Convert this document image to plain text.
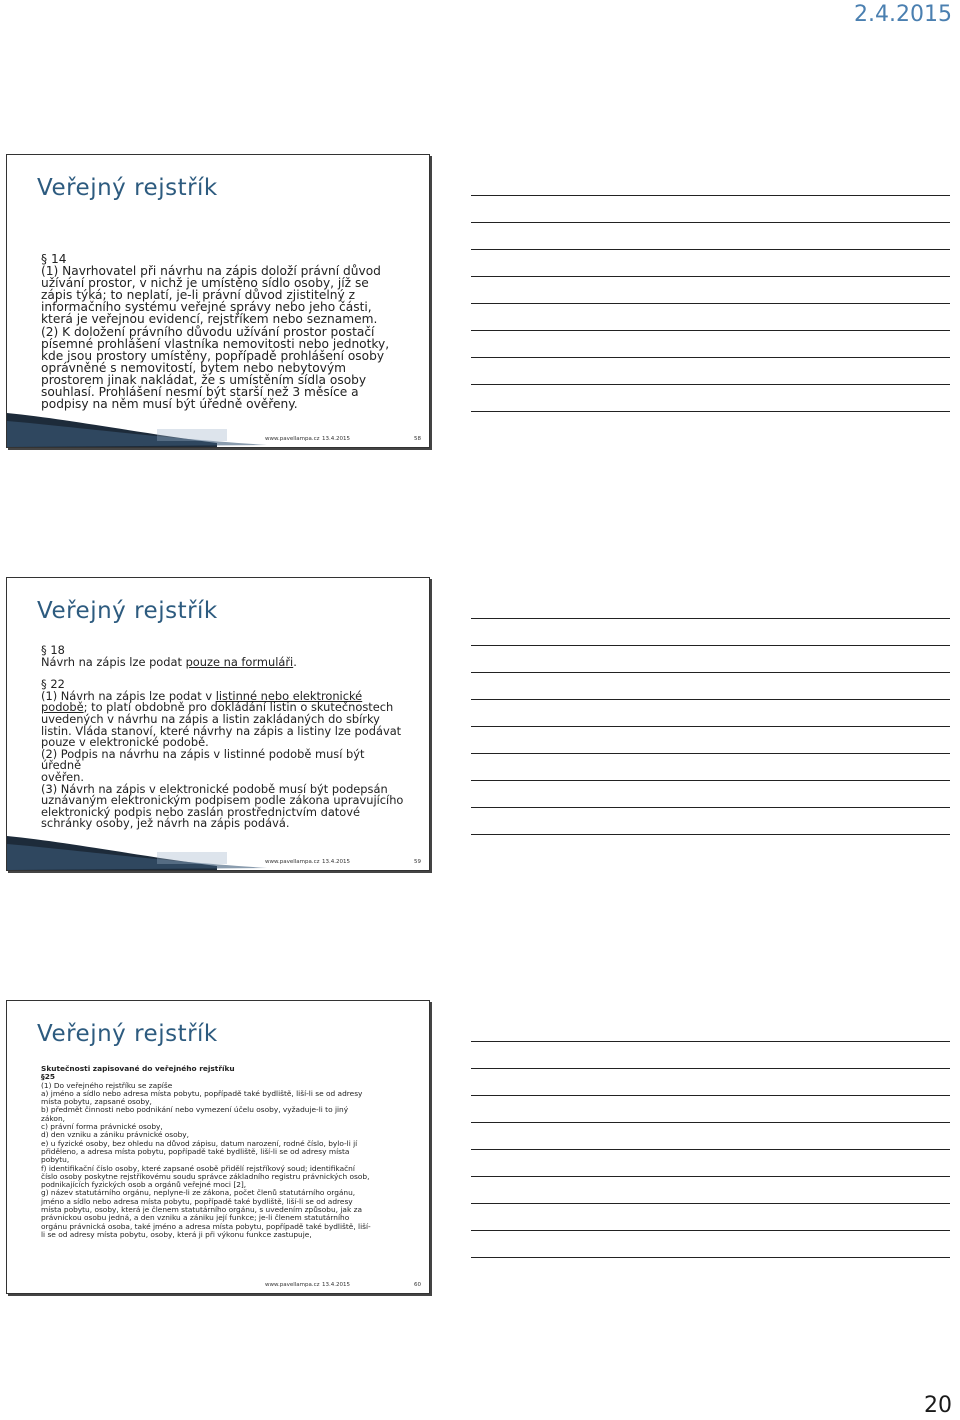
2.4.2015
Veřejný rejstřík

§ 14

(1) Navrhovatel při návrhu na zápis doloží právní důvod

užívání prostor, v nichž je umístěno sídlo osoby, jíž se

zápis týká; to neplatí, je-li právní důvod zjistitelný z

informačního systému veřejné správy nebo jeho části,

která je veřejnou evidencí, rejstříkem nebo seznamem.

(2) K doložení právního důvodu užívání prostor postačí

písemné prohlášení vlastníka nemovitosti nebo jednotky,

kde jsou prostory umístěny, popřípadě prohlášení osoby

oprávněné s nemovitostí, bytem nebo nebytovým

prostorem jinak nakládat, že s umístěním sídla osoby

souhlasí. Prohlášení nesmí být starší než 3 měsíce a

podpisy na něm musí být úředně ověřeny.

www.pavellampa.cz 13.4.2015	58
Veřejný rejstřík

§ 18

Návrh na zápis lze podat pouze na formuláři.

§ 22

(1) Návrh na zápis lze podat v listinné nebo elektronické

podobě; to platí obdobně pro dokládání listin o skutečnostech

uvedených v návrhu na zápis a listin zakládaných do sbírky

listin. Vláda stanoví, které návrhy na zápis a listiny lze podávat

pouze v elektronické podobě.

(2) Podpis na návrhu na zápis v listinné podobě musí být úředně

ověřen.

(3) Návrh na zápis v elektronické podobě musí být podepsán

uznávaným elektronickým podpisem podle zákona upravujícího

elektronický podpis nebo zaslán prostřednictvím datové

schránky osoby, jež návrh na zápis podává.

www.pavellampa.cz 13.4.2015	59
Veřejný rejstřík

Skutečnosti zapisované do veřejného rejstříku

§25

(1) Do veřejného rejstříku se zapíše

a) jméno a sídlo nebo adresa místa pobytu, popřípadě také bydliště, liší-li se od adresy

místa pobytu, zapsané osoby,

b) předmět činnosti nebo podnikání nebo vymezení účelu osoby, vyžaduje-li to jiný

zákon,

c) právní forma právnické osoby,

d) den vzniku a zániku právnické osoby,

e) u fyzické osoby, bez ohledu na důvod zápisu, datum narození, rodné číslo, bylo-li jí

přiděleno, a adresa místa pobytu, popřípadě také bydliště, liší-li se od adresy místa

pobytu,

f) identifikační číslo osoby, které zapsané osobě přidělí rejstříkový soud; identifikační

číslo osoby poskytne rejstříkovému soudu správce základního registru právnických osob,

podnikajících fyzických osob a orgánů veřejné moci [2],

g) název statutárního orgánu, neplyne-li ze zákona, počet členů statutárního orgánu,

jméno a sídlo nebo adresa místa pobytu, popřípadě také bydliště, liší-li se od adresy

místa pobytu, osoby, která je členem statutárního orgánu, s uvedením způsobu, jak za

právnickou osobu jedná, a den vzniku a zániku její funkce; je-li členem statutárního

orgánu právnická osoba, také jméno a adresa místa pobytu, popřípadě také bydliště, liší-

li se od adresy místa pobytu, osoby, která ji při výkonu funkce zastupuje,

www.pavellampa.cz 13.4.2015	60
20
